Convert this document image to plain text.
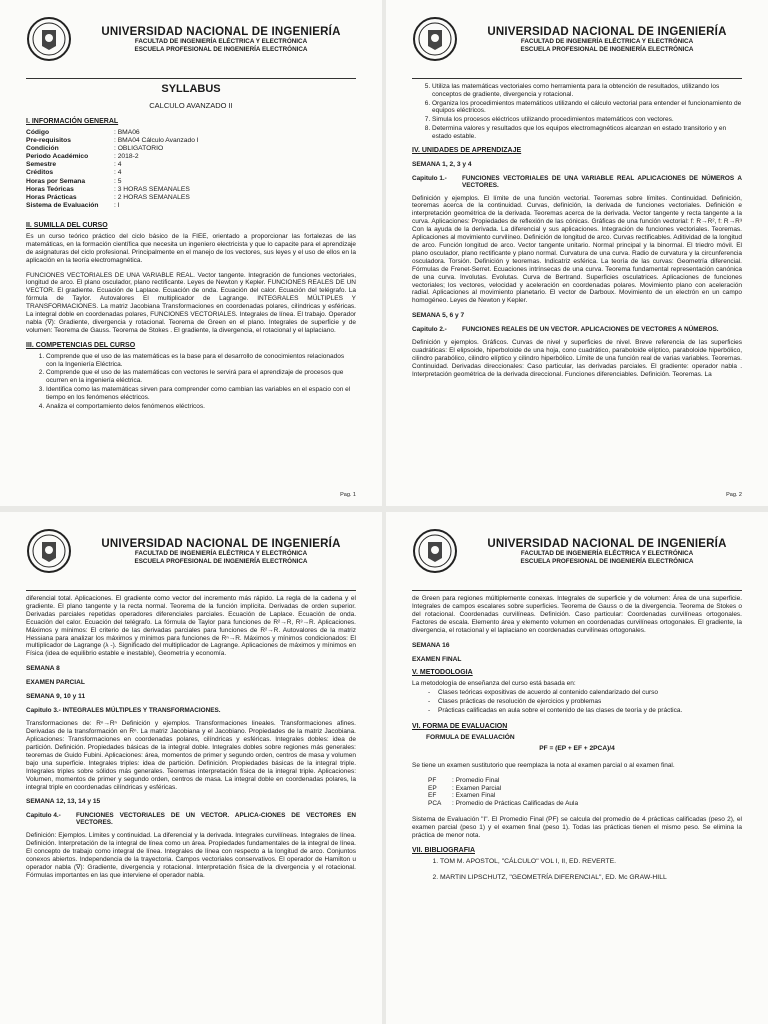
UNIVERSIDAD NACIONAL DE INGENIERÍA
FACULTAD DE INGENIERÍA ELÉCTRICA Y ELECTRÓNICA
ESCUELA PROFESIONAL DE INGENIERÍA ELECTRÓNICA
SYLLABUS
CALCULO AVANZADO II
I. INFORMACIÓN GENERAL
Código	: BMA06
Pre-requisitos	: BMA04 Cálculo Avanzado I
Condición	: OBLIGATORIO
Periodo Académico	: 2018-2
Semestre	: 4
Créditos	: 4
Horas por Semana	: 5
Horas Teóricas	: 3 HORAS SEMANALES
Horas Prácticas	: 2 HORAS SEMANALES
Sistema de Evaluación	: I
II. SUMILLA DEL CURSO

Es un curso teórico práctico del ciclo básico de la FIEE, orientado a proporcionar las fortalezas de las matemáticas, en la formación científica que necesita un ingeniero electricista y que lo capacite para el aprendizaje de asignaturas del ciclo profesional. Principalmente en el manejo de los vectores, sus leyes y el uso de ellos en la aplicación en la teoría electromagnética.

FUNCIONES VECTORIALES DE UNA VARIABLE REAL. Vector tangente. Integración de funciones vectoriales, longitud de arco. El plano osculador, plano rectificante. Leyes de Newton y Kepler. FUNCIONES REALES DE UN VECTOR. El gradiente. Ecuación de Laplace. Ecuación de onda. Ecuación del calor. Ecuación del telégrafo. La fórmula de Taylor. Autovalores El multiplicador de Lagrange. INTEGRALES MÚLTIPLES Y TRANSFORMACIONES. La matriz Jacobiana Transformaciones en coordenadas polares, cilíndricas y esféricas. La integral doble en coordenadas polares, FUNCIONES VECTORIALES. Integrales de línea. El trabajo. Operador nabla (∇): Gradiente, divergencia y rotacional. Teorema de Green en el plano. Integrales de superficie y de volumen: Teorema de Gauss. Teorema de Stokes . El gradiente, la divergencia, el rotacional y el laplaciano.

III. COMPETENCIAS DEL CURSO
1. Comprende que el uso de las matemáticas es la base para el desarrollo de conocimientos relacionados con la Ingeniería Eléctrica.
2. Comprende que el uso de las matemáticas con vectores le servirá para el aprendizaje de procesos que ocurren en la ingeniería eléctrica.
3. Identifica como las matemáticas sirven para comprender como cambian las variables en el espacio con el tiempo en los fenómenos eléctricos.
4. Analiza el comportamiento delos fenómenos eléctricos.
Pag. 1
UNIVERSIDAD NACIONAL DE INGENIERÍA
FACULTAD DE INGENIERÍA ELÉCTRICA Y ELECTRÓNICA
ESCUELA PROFESIONAL DE INGENIERÍA ELECTRÓNICA
5. Utiliza las matemáticas vectoriales como herramienta para la obtención de resultados, utilizando los conceptos de gradiente, divergencia y rotacional.
6. Organiza los procedimientos matemáticos utilizando el cálculo vectorial para entender el funcionamiento de equipos eléctricos.
7. Simula los procesos eléctricos utilizando procedimientos matemáticos con vectores.
8. Determina valores y resultados que los equipos electromagnéticos alcanzan en estado transitorio y en estado estable.
IV. UNIDADES DE APRENDIZAJE
SEMANA 1, 2, 3 y 4
Capitulo 1.-	FUNCIONES VECTORIALES DE UNA VARIABLE REAL APLICACIONES DE NÚMEROS A VECTORES.

Definición y ejemplos. El límite de una función vectorial. Teoremas sobre límites. Continuidad. Definición, teoremas acerca de la continuidad. Curvas, definición, la derivada de funciones vectoriales. Definición e interpretación geométrica de la derivada. Teoremas acerca de la derivada. Vector tangente y recta tangente a la curva. Aplicaciones: Propiedades de reflexión de las cónicas. Gráficas de una función vectorial: f: R→R², f: R→R³ Con la ayuda de la derivada. La diferencial y sus aplicaciones. Integración de funciones vectoriales. Teoremas. Aplicaciones al movimiento curvilíneo. Definición de longitud de arco. Curvas rectificables. Aditividad de la longitud de arco. Función longitud de arco. Vector tangente unitario. Normal principal y la binormal. El triedro móvil. El plano osculador, plano rectificante y plano normal. Curvatura de una curva. Radio de curvatura y la circunferencia osculadora. Torsión. Definición y teoremas. Indicatriz esférica. La teoría de las curvas: Geometría diferencial. Fórmulas de Frenet-Serret. Ecuaciones intrínsecas de una curva. Teorema fundamental representación canónica de una curva. Involutas. Evolutas. Curva de Bertrand. Superficies osculatrices. Aplicaciones de funciones vectoriales; los vectores, velocidad y aceleración en coordenadas polares. Movimiento plano con aceleración radial. Aplicaciones al movimiento planetario. El vector de Darboux. Movimiento de un electrón en un campo homogéneo. Leyes de Newton y Kepler.

SEMANA 5, 6 y 7
Capitulo 2.-	FUNCIONES REALES DE UN VECTOR. APLICACIONES DE VECTORES A NÚMEROS.

Definición y ejemplos. Gráficos. Curvas de nivel y superficies de nivel. Breve referencia de las superficies cuadráticas: El elipsoide, hiperboloide de una hoja, cono cuadrático, paraboloide elíptico, paraboloide hiperbólico, cilindro parabólico, cilindro elíptico y cilindro hiperbólico. Límite de una función real de varias variables. Teoremas. Continuidad. Derivadas direccionales: Caso particular, las derivadas parciales. El gradiente: operador nabla . Interpretación geométrica de la derivada direccional. Funciones diferenciables. Definición. Teoremas. La

Pag. 2
UNIVERSIDAD NACIONAL DE INGENIERÍA
FACULTAD DE INGENIERÍA ELÉCTRICA Y ELECTRÓNICA
ESCUELA PROFESIONAL DE INGENIERÍA ELECTRÓNICA

diferencial total. Aplicaciones. El gradiente como vector del incremento más rápido. La regla de la cadena y el gradiente. El plano tangente y la recta normal. Teorema de la función implícita. Derivadas de orden superior. Derivadas parciales repetidas operadores diferenciales parciales. Ecuación de Laplace. Ecuación de onda. Ecuación del calor. Ecuación del telégrafo. La fórmula de Taylor para funciones de R²→R, R³→R. Aplicaciones. Máximos y mínimos: El criterio de las derivadas parciales para funciones de R²→R. Autovalores de la matriz Hessiana para analizar los máximos y mínimos para funciones de Rⁿ→R. Máximos y mínimos condicionados: El multiplicador de Lagrange (λ -). Significado del multiplicador de Lagrange. Aplicaciones de máximos y mínimos en Física (idea de equilibrio estable e inestable), Geometría y economía.

SEMANA 8
EXAMEN PARCIAL
SEMANA 9, 10 y 11
Capitulo 3.- INTEGRALES MÚLTIPLES Y TRANSFORMACIONES.

Transformaciones de: Rⁿ→Rⁿ Definición y ejemplos. Transformaciones lineales. Transformaciones afines. Derivadas de la transformación en Rⁿ. La matriz Jacobiana y el Jacobiano. Propiedades de la matriz Jacobiana. Aplicaciones: Transformaciones en coordenadas polares, cilíndricas y esféricas. Integrales dobles: idea de partición. Definición. Propiedades básicas de la integral doble. Integrales dobles sobre regiones más generales: teoremas de Guido Fubini. Aplicaciones: área, momentos de primer y segundo orden, centros de masa y volumen bajo una superficie. Integrales triples: idea de partición. Definición. Propiedades básicas de la integral triple. Integrales triples sobre sólidos más generales. Teoremas interpretación física de la integral triple. Aplicaciones: Volumen, momentos de primer y segundo orden, centros de masa. La integral doble en coordenadas polares, la integral triple en coordenadas cilíndricas y esféricas.

SEMANA 12, 13, 14 y 15
Capitulo 4.-	FUNCIONES VECTORIALES DE UN VECTOR. APLICA-CIONES DE VECTORES EN VECTORES.

Definición: Ejemplos. Límites y continuidad. La diferencial y la derivada. Integrales curvilíneas. Integrales de línea. Definición. Interpretación de la integral de línea como un área. Propiedades fundamentales de la integral de línea. El concepto de trabajo como integral de línea. Integrales de línea con respecto a la longitud de arco. Conjuntos conexos abiertos. Independencia de la trayectoria. Campos vectoriales conservativos. El operador de Hamilton u operador nabla (∇): Gradiente, divergencia y rotacional. Interpretación física de la divergencia y el rotacional. Fórmulas importantes en las que interviene el operador nabla.

UNIVERSIDAD NACIONAL DE INGENIERÍA
FACULTAD DE INGENIERÍA ELÉCTRICA Y ELECTRÓNICA
ESCUELA PROFESIONAL DE INGENIERÍA ELECTRÓNICA

de Green para regiones múltiplemente conexas. Integrales de superficie y de volumen: Área de una superficie. Integrales de campos escalares sobre superficies. Teorema de Gauss o de la divergencia. Teorema de Stokes o del rotacional. Coordenadas curvilíneas. Definición. Caso particular: Coordenadas curvilíneas ortogonales. Factores de escala. Elemento área y elemento volumen en coordenadas curvilíneas ortogonales. El gradiente, la divergencia, el rotacional y el laplaciano en coordenadas curvilíneas ortogonales.

SEMANA 16
EXAMEN FINAL
V. METODOLOGIA

La metodología de enseñanza del curso está basada en:

- Clases teóricas expositivas de acuerdo al contenido calendarizado del curso
- Clases prácticas de resolución de ejercicios y problemas
- Prácticas calificadas en aula sobre el contenido de las clases de teoría y de práctica.
VI. FORMA DE EVALUACION
FORMULA DE EVALUACIÓN
PF = (EP + EF + 2PCA)/4

Se tiene un examen sustitutorio que reemplaza la nota al examen parcial o al examen final.

PF	: Promedio Final
EP	: Examen Parcial
EF	: Examen Final
PCA	: Promedio de Prácticas Calificadas de Aula

Sistema de Evaluación "I". El Promedio Final (PF) se calcula del promedio de 4 prácticas calificadas (peso 2), el examen parcial (peso 1) y el examen final (peso 1). Todas las prácticas tienen el mismo peso. Se elimina la práctica de menor nota.

VII. BIBLIOGRAFIA
1. TOM M. APOSTOL, "CÁLCULO" VOL I, II, ED. REVERTE.
2. MARTIN LIPSCHUTZ, "GEOMETRÍA DIFERENCIAL", ED. Mc GRAW-HILL
